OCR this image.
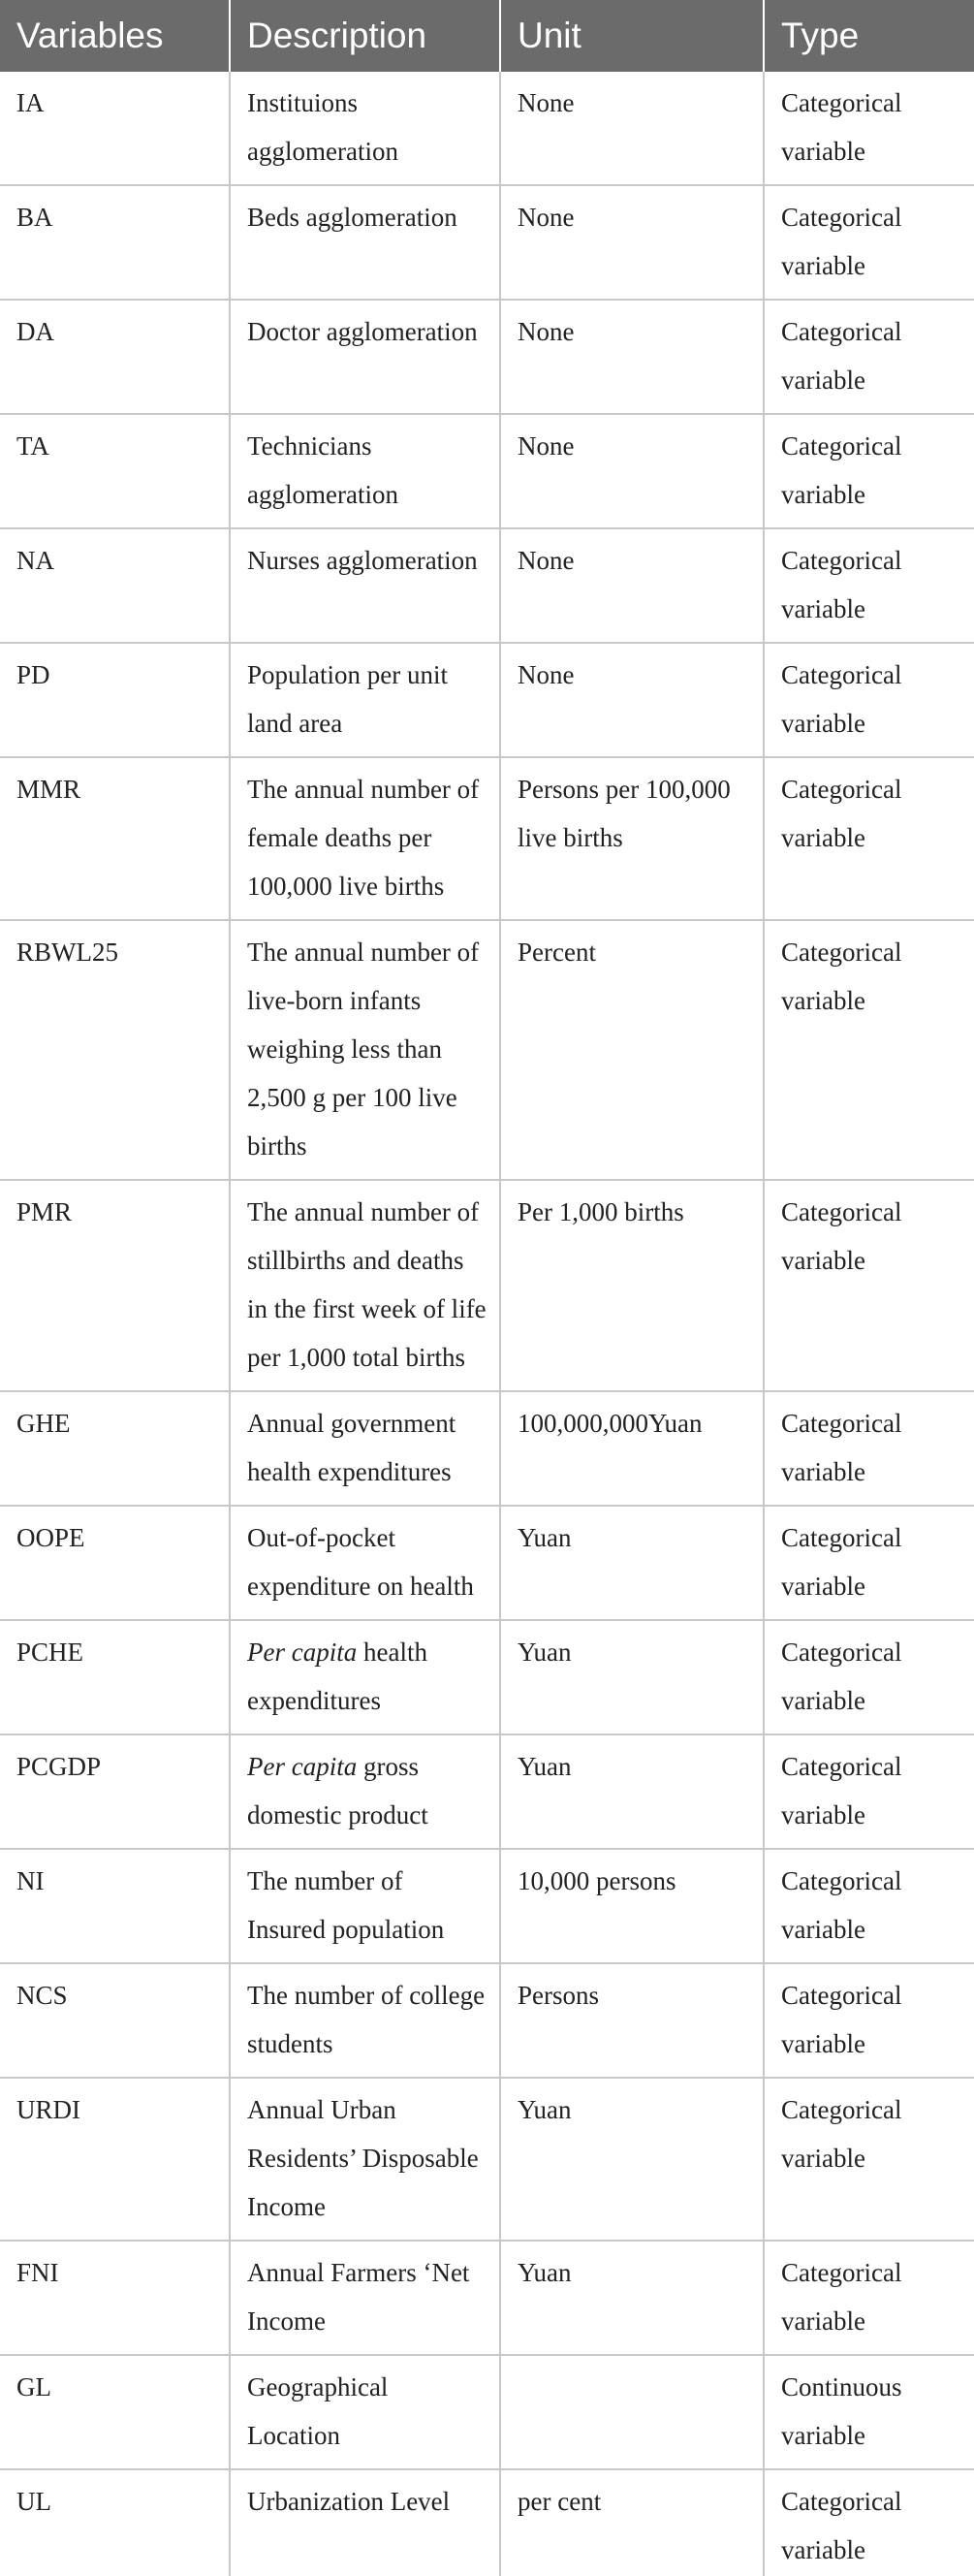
Variables	Description	Unit	Type
IA	Instituions agglomeration	None	Categorical variable
BA	Beds agglomeration	None	Categorical variable
DA	Doctor agglomeration	None	Categorical variable
TA	Technicians agglomeration	None	Categorical variable
NA	Nurses agglomeration	None	Categorical variable
PD	Population per unit land area	None	Categorical variable
MMR	The annual number of female deaths per 100,000 live births	Persons per 100,000 live births	Categorical variable
RBWL25	The annual number of live-born infants weighing less than 2,500 g per 100 live births	Percent	Categorical variable
PMR	The annual number of stillbirths and deaths in the first week of life per 1,000 total births	Per 1,000 births	Categorical variable
GHE	Annual government health expenditures	100,000,000Yuan	Categorical variable
OOPE	Out-of-pocket expenditure on health	Yuan	Categorical variable
PCHE	Per capita health expenditures	Yuan	Categorical variable
PCGDP	Per capita gross domestic product	Yuan	Categorical variable
NI	The number of Insured population	10,000 persons	Categorical variable
NCS	The number of college students	Persons	Categorical variable
URDI	Annual Urban Residents’ Disposable Income	Yuan	Categorical variable
FNI	Annual Farmers ‘Net Income	Yuan	Categorical variable
GL	Geographical Location		Continuous variable
UL	Urbanization Level	per cent	Categorical variable
